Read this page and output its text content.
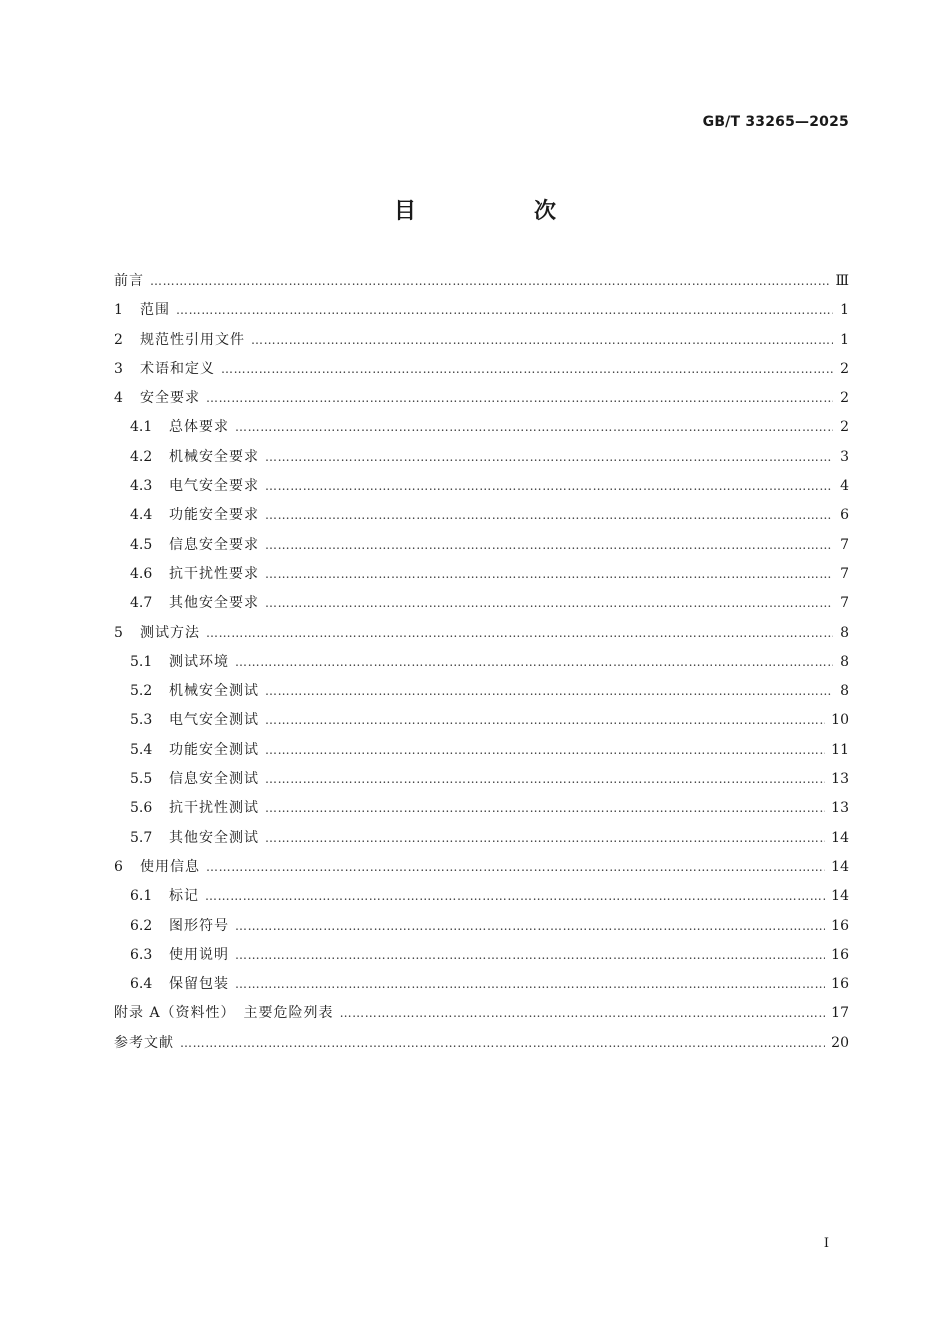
GB/T 33265—2025
目　次
前言 ………………………………………………………………………………………………………………………………………………………………………………………………………………………………………………	Ⅲ
1	范围 ………………………………………………………………………………………………………………………………………………………………………………………………………………………………………………	1
2	规范性引用文件 ………………………………………………………………………………………………………………………………………………………………………………………………………………………………………………	1
3	术语和定义 ………………………………………………………………………………………………………………………………………………………………………………………………………………………………………………	2
4	安全要求 ………………………………………………………………………………………………………………………………………………………………………………………………………………………………………………	2
4.1	总体要求 ………………………………………………………………………………………………………………………………………………………………………………………………………………………………………………	2
4.2	机械安全要求 ………………………………………………………………………………………………………………………………………………………………………………………………………………………………………………	3
4.3	电气安全要求 ………………………………………………………………………………………………………………………………………………………………………………………………………………………………………………	4
4.4	功能安全要求 ………………………………………………………………………………………………………………………………………………………………………………………………………………………………………………	6
4.5	信息安全要求 ………………………………………………………………………………………………………………………………………………………………………………………………………………………………………………	7
4.6	抗干扰性要求 ………………………………………………………………………………………………………………………………………………………………………………………………………………………………………………	7
4.7	其他安全要求 ………………………………………………………………………………………………………………………………………………………………………………………………………………………………………………	7
5	测试方法 ………………………………………………………………………………………………………………………………………………………………………………………………………………………………………………	8
5.1	测试环境 ………………………………………………………………………………………………………………………………………………………………………………………………………………………………………………	8
5.2	机械安全测试 ………………………………………………………………………………………………………………………………………………………………………………………………………………………………………………	8
5.3	电气安全测试 ………………………………………………………………………………………………………………………………………………………………………………………………………………………………………………	10
5.4	功能安全测试 ………………………………………………………………………………………………………………………………………………………………………………………………………………………………………………	11
5.5	信息安全测试 ………………………………………………………………………………………………………………………………………………………………………………………………………………………………………………	13
5.6	抗干扰性测试 ………………………………………………………………………………………………………………………………………………………………………………………………………………………………………………	13
5.7	其他安全测试 ………………………………………………………………………………………………………………………………………………………………………………………………………………………………………………	14
6	使用信息 ………………………………………………………………………………………………………………………………………………………………………………………………………………………………………………	14
6.1	标记 ………………………………………………………………………………………………………………………………………………………………………………………………………………………………………………	14
6.2	图形符号 ………………………………………………………………………………………………………………………………………………………………………………………………………………………………………………	16
6.3	使用说明 ………………………………………………………………………………………………………………………………………………………………………………………………………………………………………………	16
6.4	保留包装 ………………………………………………………………………………………………………………………………………………………………………………………………………………………………………………	16
附录 A（资料性）　主要危险列表 ………………………………………………………………………………………………………………………………………………………………………………………………………………………………………………	17
参考文献 ………………………………………………………………………………………………………………………………………………………………………………………………………………………………………………	20
I
